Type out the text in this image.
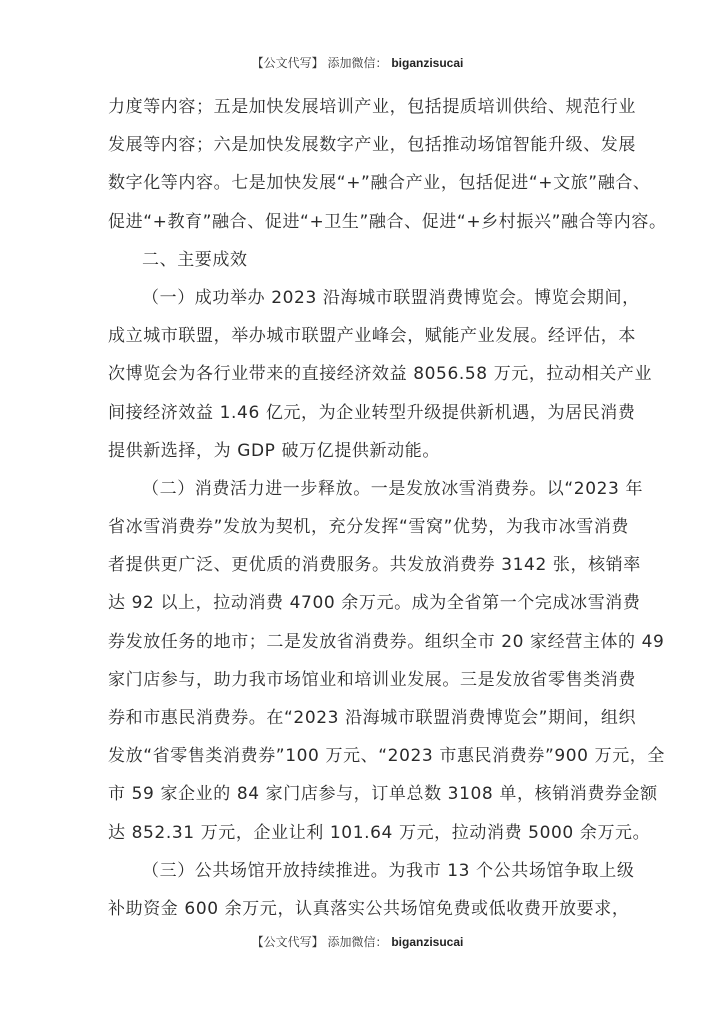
【公文代写】 添加微信： biganzisucai
力度等内容；五是加快发展培训产业，包括提质培训供给、规范行业
发展等内容；六是加快发展数字产业，包括推动场馆智能升级、发展
数字化等内容。七是加快发展“+”融合产业，包括促进“+文旅”融合、
促进“+教育”融合、促进“+卫生”融合、促进“+乡村振兴”融合等内容。
二、主要成效
（一）成功举办 2023 沿海城市联盟消费博览会。博览会期间，
成立城市联盟，举办城市联盟产业峰会，赋能产业发展。经评估，本
次博览会为各行业带来的直接经济效益 8056.58 万元，拉动相关产业
间接经济效益 1.46 亿元，为企业转型升级提供新机遇，为居民消费
提供新选择，为 GDP 破万亿提供新动能。
（二）消费活力进一步释放。一是发放冰雪消费券。以“2023 年
省冰雪消费券”发放为契机，充分发挥“雪窝”优势，为我市冰雪消费
者提供更广泛、更优质的消费服务。共发放消费券 3142 张，核销率
达 92 以上，拉动消费 4700 余万元。成为全省第一个完成冰雪消费
券发放任务的地市；二是发放省消费券。组织全市 20 家经营主体的 49
家门店参与，助力我市场馆业和培训业发展。三是发放省零售类消费
券和市惠民消费券。在“2023 沿海城市联盟消费博览会”期间，组织
发放“省零售类消费券”100 万元、“2023 市惠民消费券”900 万元，全
市 59 家企业的 84 家门店参与，订单总数 3108 单，核销消费券金额
达 852.31 万元，企业让利 101.64 万元，拉动消费 5000 余万元。
（三）公共场馆开放持续推进。为我市 13 个公共场馆争取上级
补助资金 600 余万元，认真落实公共场馆免费或低收费开放要求，
【公文代写】 添加微信： biganzisucai
